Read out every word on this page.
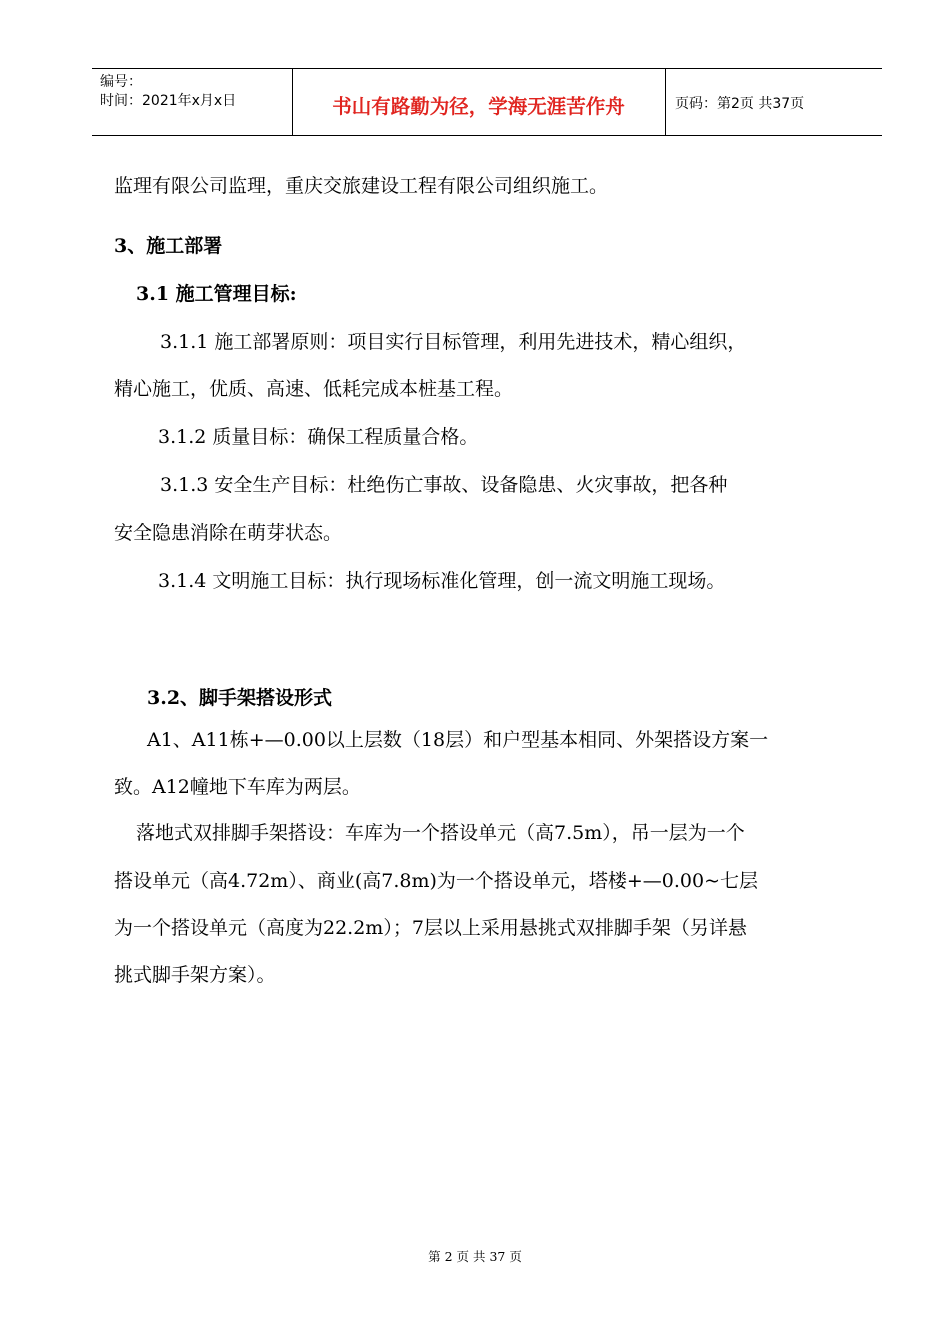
编号：
时间：2021年x月x日	书山有路勤为径，学海无涯苦作舟	页码：第2页 共37页
监理有限公司监理，重庆交旅建设工程有限公司组织施工。
3、施工部署
3.1 施工管理目标:
3.1.1 施工部署原则：项目实行目标管理，利用先进技术，精心组织，
精心施工，优质、高速、低耗完成本桩基工程。
3.1.2 质量目标：确保工程质量合格。
3.1.3 安全生产目标：杜绝伤亡事故、设备隐患、火灾事故，把各种
安全隐患消除在萌芽状态。
3.1.4 文明施工目标：执行现场标准化管理，创一流文明施工现场。
3.2、脚手架搭设形式
A1、A11栋+—0.00以上层数（18层）和户型基本相同、外架搭设方案一
致。A12幢地下车库为两层。
落地式双排脚手架搭设：车库为一个搭设单元（高7.5m），吊一层为一个
搭设单元（高4.72m）、商业(高7.8m)为一个搭设单元，塔楼+—0.00~七层
为一个搭设单元（高度为22.2m）；7层以上采用悬挑式双排脚手架（另详悬
挑式脚手架方案）。
第 2 页 共 37 页
